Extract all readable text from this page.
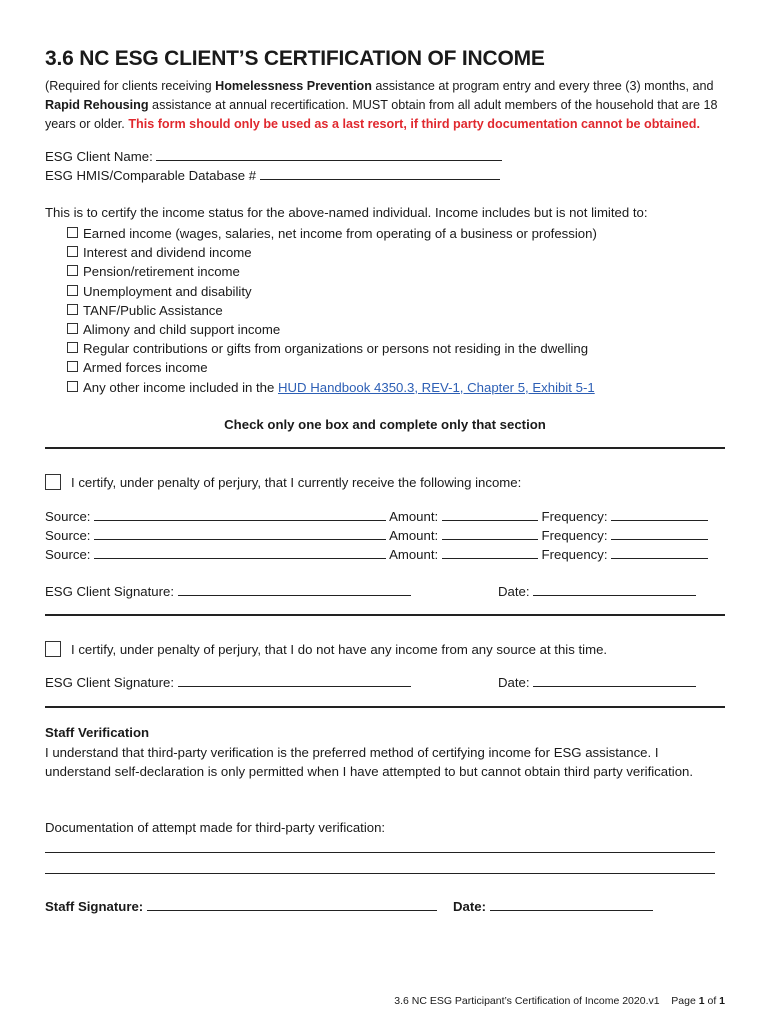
3.6 NC ESG CLIENT’S CERTIFICATION OF INCOME
(Required for clients receiving Homelessness Prevention assistance at program entry and every three (3) months, and Rapid Rehousing assistance at annual recertification. MUST obtain from all adult members of the household that are 18 years or older. This form should only be used as a last resort, if third party documentation cannot be obtained.
ESG Client Name:
ESG HMIS/Comparable Database #
This is to certify the income status for the above-named individual. Income includes but is not limited to:
Earned income (wages, salaries, net income from operating of a business or profession)
Interest and dividend income
Pension/retirement income
Unemployment and disability
TANF/Public Assistance
Alimony and child support income
Regular contributions or gifts from organizations or persons not residing in the dwelling
Armed forces income
Any other income included in the HUD Handbook 4350.3, REV-1, Chapter 5, Exhibit 5-1
Check only one box and complete only that section
I certify, under penalty of perjury, that I currently receive the following income:
Source:	Amount:	Frequency:
Source:	Amount:	Frequency:
Source:	Amount:	Frequency:
ESG Client Signature:	Date:
I certify, under penalty of perjury, that I do not have any income from any source at this time.
ESG Client Signature:	Date:
Staff Verification
I understand that third-party verification is the preferred method of certifying income for ESG assistance. I understand self-declaration is only permitted when I have attempted to but cannot obtain third party verification.
Documentation of attempt made for third-party verification:
Staff Signature:	Date:
3.6 NC ESG Participant’s Certification of Income 2020.v1 Page 1 of 1
